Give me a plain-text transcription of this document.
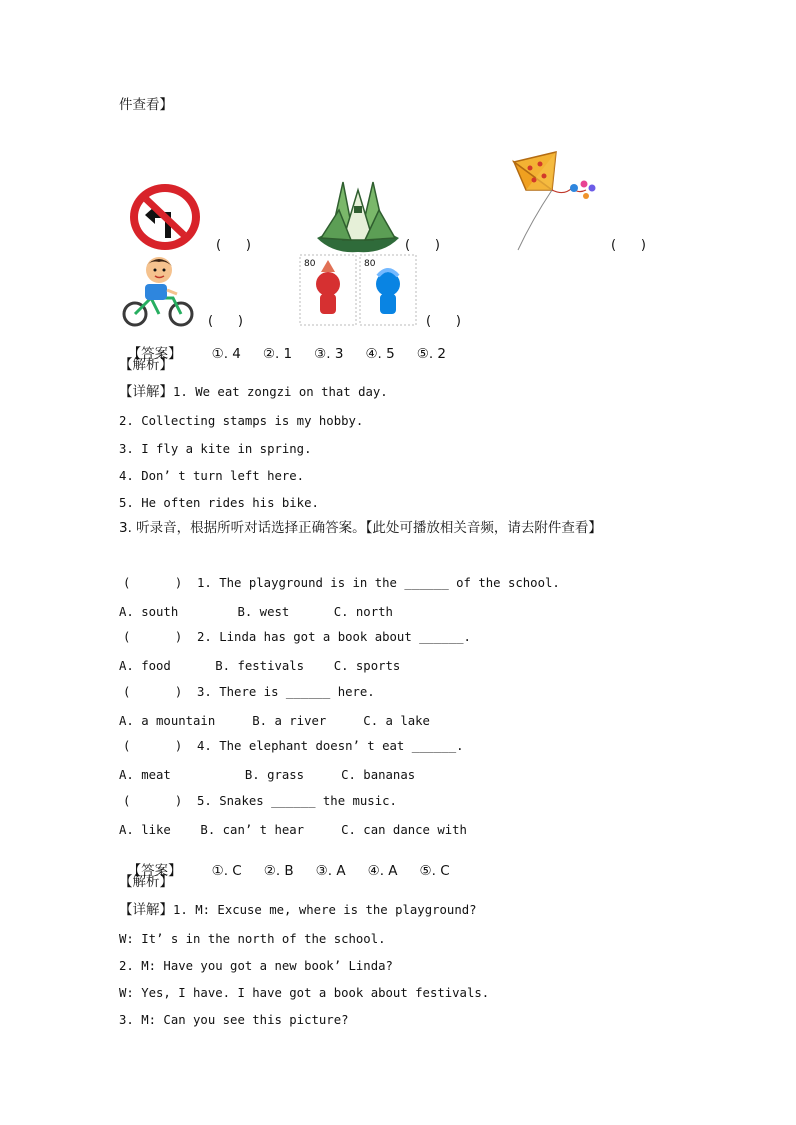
件查看】
(      )	(      )	(      )
80	80
(      )	(      )

【答案】 ①. 4 ②. 1 ③. 3 ④. 5 ⑤. 2

【解析】
【详解】1. We eat zongzi on that day.
2. Collecting stamps is my hobby.
3. I fly a kite in spring.
4. Don’ t turn left here.
5. He often rides his bike.
3. 听录音，根据所听对话选择正确答案。【此处可播放相关音频，请去附件查看】
(      )  1. The playground is in the ______ of the school.
A. south        B. west      C. north
(      )  2. Linda has got a book about ______.
A. food      B. festivals    C. sports
(      )  3. There is ______ here.
A. a mountain     B. a river     C. a lake
(      )  4. The elephant doesn’ t eat ______.
A. meat          B. grass     C. bananas
(      )  5. Snakes ______ the music.
A. like    B. can’ t hear     C. can dance with

【答案】 ①. C ②. B ③. A ④. A ⑤. C

【解析】
【详解】1. M: Excuse me, where is the playground?
W: It’ s in the north of the school.
2. M: Have you got a new book’ Linda?
W: Yes, I have. I have got a book about festivals.
3. M: Can you see this picture?
